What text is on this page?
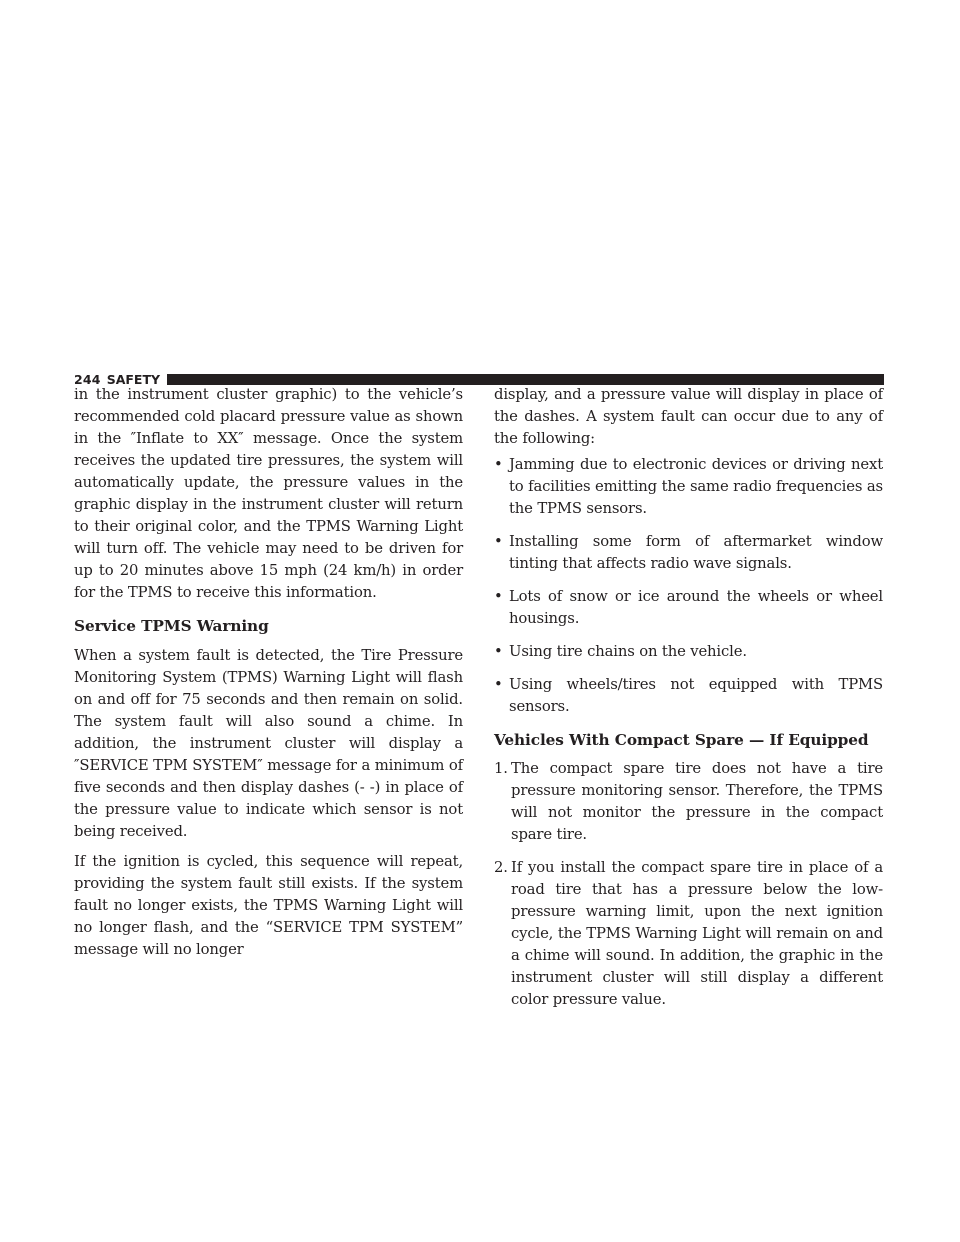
244 SAFETY

in the instrument cluster graphic) to the vehicle’s recommended cold placard pressure value as shown in the ″Inflate to XX″ message. Once the system receives the updated tire pressures, the system will automatically update, the pressure values in the graphic display in the instrument cluster will return to their original color, and the TPMS Warning Light will turn off. The vehicle may need to be driven for up to 20 minutes above 15 mph (24 km/h) in order for the TPMS to receive this information.

Service TPMS Warning

When a system fault is detected, the Tire Pressure Monitoring System (TPMS) Warning Light will flash on and off for 75 seconds and then remain on solid. The system fault will also sound a chime. In addition, the instrument cluster will display a ″SERVICE TPM SYSTEM″ message for a minimum of five seconds and then display dashes (- -) in place of the pressure value to indicate which sensor is not being received.

If the ignition is cycled, this sequence will repeat, providing the system fault still exists. If the system fault no longer exists, the TPMS Warning Light will no longer flash, and the “SERVICE TPM SYSTEM” message will no longer

display, and a pressure value will display in place of the dashes. A system fault can occur due to any of the following:

• Jamming due to electronic devices or driving next to facilities emitting the same radio frequencies as the TPMS sensors.
• Installing some form of aftermarket window tinting that affects radio wave signals.
• Lots of snow or ice around the wheels or wheel housings.
• Using tire chains on the vehicle.
• Using wheels/tires not equipped with TPMS sensors.
Vehicles With Compact Spare — If Equipped
1. The compact spare tire does not have a tire pressure monitoring sensor. Therefore, the TPMS will not monitor the pressure in the compact spare tire.
2. If you install the compact spare tire in place of a road tire that has a pressure below the low-pressure warning limit, upon the next ignition cycle, the TPMS Warning Light will remain on and a chime will sound. In addition, the graphic in the instrument cluster will still display a different color pressure value.
